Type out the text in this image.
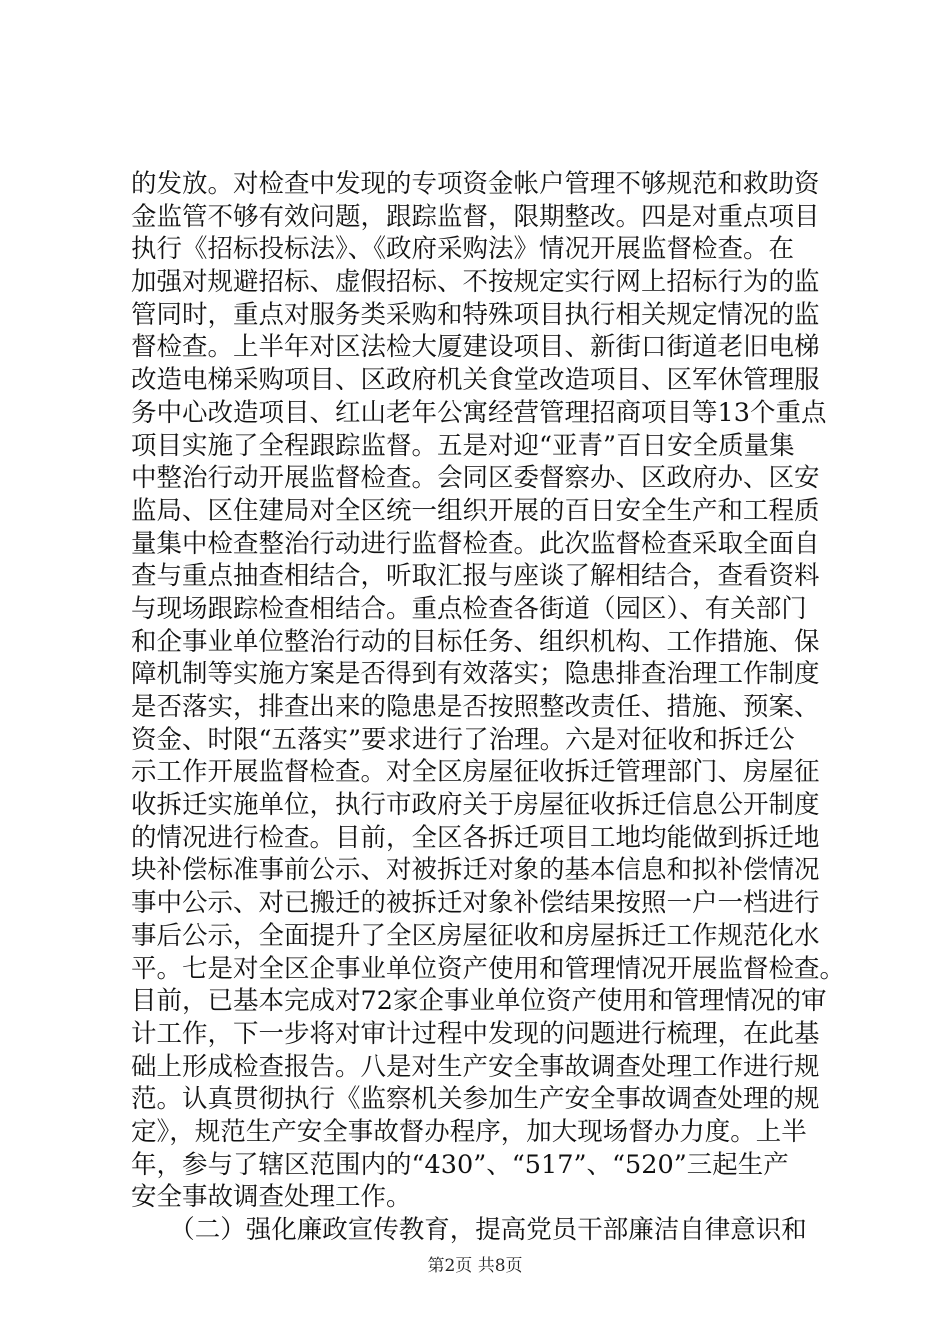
的发放。对检查中发现的专项资金帐户管理不够规范和救助资
金监管不够有效问题，跟踪监督，限期整改。四是对重点项目
执行《招标投标法》、《政府采购法》情况开展监督检查。在
加强对规避招标、虚假招标、不按规定实行网上招标行为的监
管同时，重点对服务类采购和特殊项目执行相关规定情况的监
督检查。上半年对区法检大厦建设项目、新街口街道老旧电梯
改造电梯采购项目、区政府机关食堂改造项目、区军休管理服
务中心改造项目、红山老年公寓经营管理招商项目等13个重点
项目实施了全程跟踪监督。五是对迎“亚青”百日安全质量集
中整治行动开展监督检查。会同区委督察办、区政府办、区安
监局、区住建局对全区统一组织开展的百日安全生产和工程质
量集中检查整治行动进行监督检查。此次监督检查采取全面自
查与重点抽查相结合，听取汇报与座谈了解相结合，查看资料
与现场跟踪检查相结合。重点检查各街道（园区）、有关部门
和企事业单位整治行动的目标任务、组织机构、工作措施、保
障机制等实施方案是否得到有效落实；隐患排查治理工作制度
是否落实，排查出来的隐患是否按照整改责任、措施、预案、
资金、时限“五落实”要求进行了治理。六是对征收和拆迁公
示工作开展监督检查。对全区房屋征收拆迁管理部门、房屋征
收拆迁实施单位，执行市政府关于房屋征收拆迁信息公开制度
的情况进行检查。目前，全区各拆迁项目工地均能做到拆迁地
块补偿标准事前公示、对被拆迁对象的基本信息和拟补偿情况
事中公示、对已搬迁的被拆迁对象补偿结果按照一户一档进行
事后公示，全面提升了全区房屋征收和房屋拆迁工作规范化水
平。七是对全区企事业单位资产使用和管理情况开展监督检查。
目前，已基本完成对72家企事业单位资产使用和管理情况的审
计工作，下一步将对审计过程中发现的问题进行梳理，在此基
础上形成检查报告。八是对生产安全事故调查处理工作进行规
范。认真贯彻执行《监察机关参加生产安全事故调查处理的规
定》，规范生产安全事故督办程序，加大现场督办力度。上半
年，参与了辖区范围内的“430”、“517”、“520”三起生产
安全事故调查处理工作。
　　（二）强化廉政宣传教育，提高党员干部廉洁自律意识和
第2页 共8页
